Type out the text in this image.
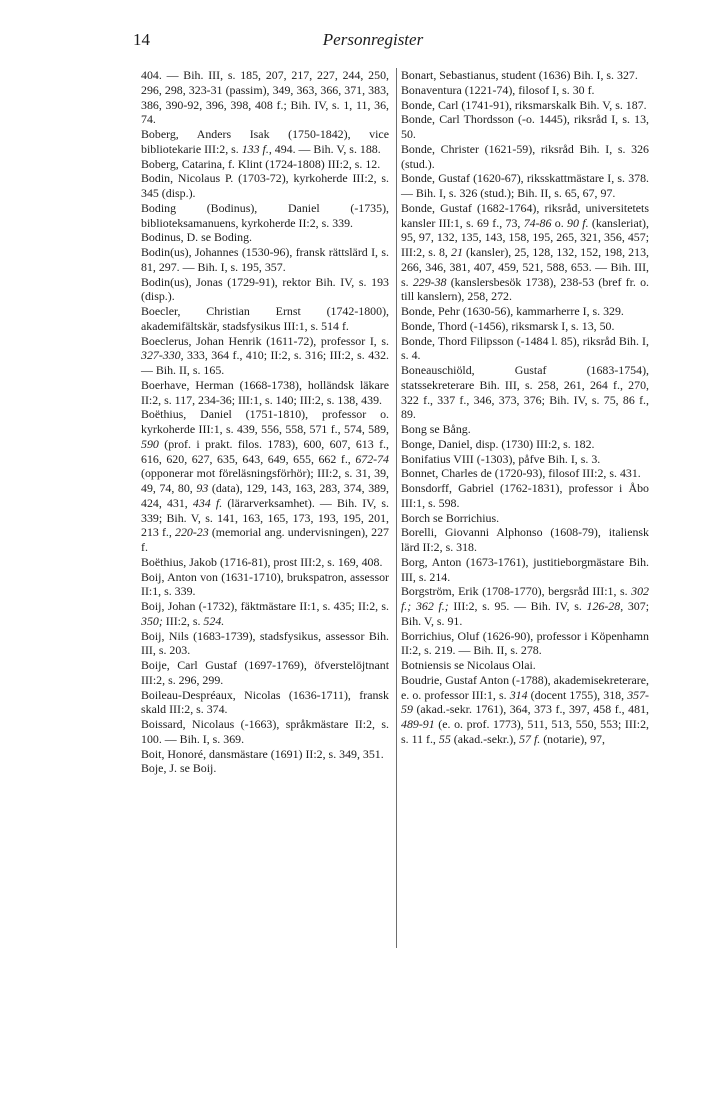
14	Personregister

404. — Bih. III, s. 185, 207, 217, 227, 244, 250, 296, 298, 323-31 (passim), 349, 363, 366, 371, 383, 386, 390-92, 396, 398, 408 f.; Bih. IV, s. 1, 11, 36, 74.

Boberg, Anders Isak (1750-1842), vice bibliotekarie III:2, s. 133 f., 494. — Bih. V, s. 188.

Boberg, Catarina, f. Klint (1724-1808) III:2, s. 12.

Bodin, Nicolaus P. (1703-72), kyrkoherde III:2, s. 345 (disp.).

Boding (Bodinus), Daniel (-1735), biblioteksamanuens, kyrkoherde II:2, s. 339.

Bodinus, D. se Boding.

Bodin(us), Johannes (1530-96), fransk rättslärd I, s. 81, 297. — Bih. I, s. 195, 357.

Bodin(us), Jonas (1729-91), rektor Bih. IV, s. 193 (disp.).

Boecler, Christian Ernst (1742-1800), akademifältskär, stadsfysikus III:1, s. 514 f.

Boeclerus, Johan Henrik (1611-72), professor I, s. 327-330, 333, 364 f., 410; II:2, s. 316; III:2, s. 432. — Bih. II, s. 165.

Boerhave, Herman (1668-1738), holländsk läkare II:2, s. 117, 234-36; III:1, s. 140; III:2, s. 138, 439.

Boëthius, Daniel (1751-1810), professor o. kyrkoherde III:1, s. 439, 556, 558, 571 f., 574, 589, 590 (prof. i prakt. filos. 1783), 600, 607, 613 f., 616, 620, 627, 635, 643, 649, 655, 662 f., 672-74 (opponerar mot föreläsningsförhör); III:2, s. 31, 39, 49, 74, 80, 93 (data), 129, 143, 163, 283, 374, 389, 424, 431, 434 f. (lärarverksamhet). — Bih. IV, s. 339; Bih. V, s. 141, 163, 165, 173, 193, 195, 201, 213 f., 220-23 (memorial ang. undervisningen), 227 f.

Boëthius, Jakob (1716-81), prost III:2, s. 169, 408.

Boij, Anton von (1631-1710), brukspatron, assessor II:1, s. 339.

Boij, Johan (-1732), fäktmästare II:1, s. 435; II:2, s. 350; III:2, s. 524.

Boij, Nils (1683-1739), stadsfysikus, assessor Bih. III, s. 203.

Boije, Carl Gustaf (1697-1769), öfverstelöjtnant III:2, s. 296, 299.

Boileau-Despréaux, Nicolas (1636-1711), fransk skald III:2, s. 374.

Boissard, Nicolaus (-1663), språkmästare II:2, s. 100. — Bih. I, s. 369.

Boit, Honoré, dansmästare (1691) II:2, s. 349, 351.

Boje, J. se Boij.

Bonart, Sebastianus, student (1636) Bih. I, s. 327.

Bonaventura (1221-74), filosof I, s. 30 f.

Bonde, Carl (1741-91), riksmarskalk Bih. V, s. 187.

Bonde, Carl Thordsson (-o. 1445), riksråd I, s. 13, 50.

Bonde, Christer (1621-59), riksråd Bih. I, s. 326 (stud.).

Bonde, Gustaf (1620-67), riksskattmästare I, s. 378. — Bih. I, s. 326 (stud.); Bih. II, s. 65, 67, 97.

Bonde, Gustaf (1682-1764), riksråd, universitetets kansler III:1, s. 69 f., 73, 74-86 o. 90 f. (kansleriat), 95, 97, 132, 135, 143, 158, 195, 265, 321, 356, 457; III:2, s. 8, 21 (kansler), 25, 128, 132, 152, 198, 213, 266, 346, 381, 407, 459, 521, 588, 653. — Bih. III, s. 229-38 (kanslersbesök 1738), 238-53 (bref fr. o. till kanslern), 258, 272.

Bonde, Pehr (1630-56), kammarherre I, s. 329.

Bonde, Thord (-1456), riksmarsk I, s. 13, 50.

Bonde, Thord Filipsson (-1484 l. 85), riksråd Bih. I, s. 4.

Boneauschiöld, Gustaf (1683-1754), statssekreterare Bih. III, s. 258, 261, 264 f., 270, 322 f., 337 f., 346, 373, 376; Bih. IV, s. 75, 86 f., 89.

Bong se Bång.

Bonge, Daniel, disp. (1730) III:2, s. 182.

Bonifatius VIII (-1303), påfve Bih. I, s. 3.

Bonnet, Charles de (1720-93), filosof III:2, s. 431.

Bonsdorff, Gabriel (1762-1831), professor i Åbo III:1, s. 598.

Borch se Borrichius.

Borelli, Giovanni Alphonso (1608-79), italiensk lärd II:2, s. 318.

Borg, Anton (1673-1761), justitieborgmästare Bih. III, s. 214.

Borgström, Erik (1708-1770), bergsråd III:1, s. 302 f.; 362 f.; III:2, s. 95. — Bih. IV, s. 126-28, 307; Bih. V, s. 91.

Borrichius, Oluf (1626-90), professor i Köpenhamn II:2, s. 219. — Bih. II, s. 278.

Botniensis se Nicolaus Olai.

Boudrie, Gustaf Anton (-1788), akademisekreterare, e. o. professor III:1, s. 314 (docent 1755), 318, 357-59 (akad.-sekr. 1761), 364, 373 f., 397, 458 f., 481, 489-91 (e. o. prof. 1773), 511, 513, 550, 553; III:2, s. 11 f., 55 (akad.-sekr.), 57 f. (notarie), 97,
